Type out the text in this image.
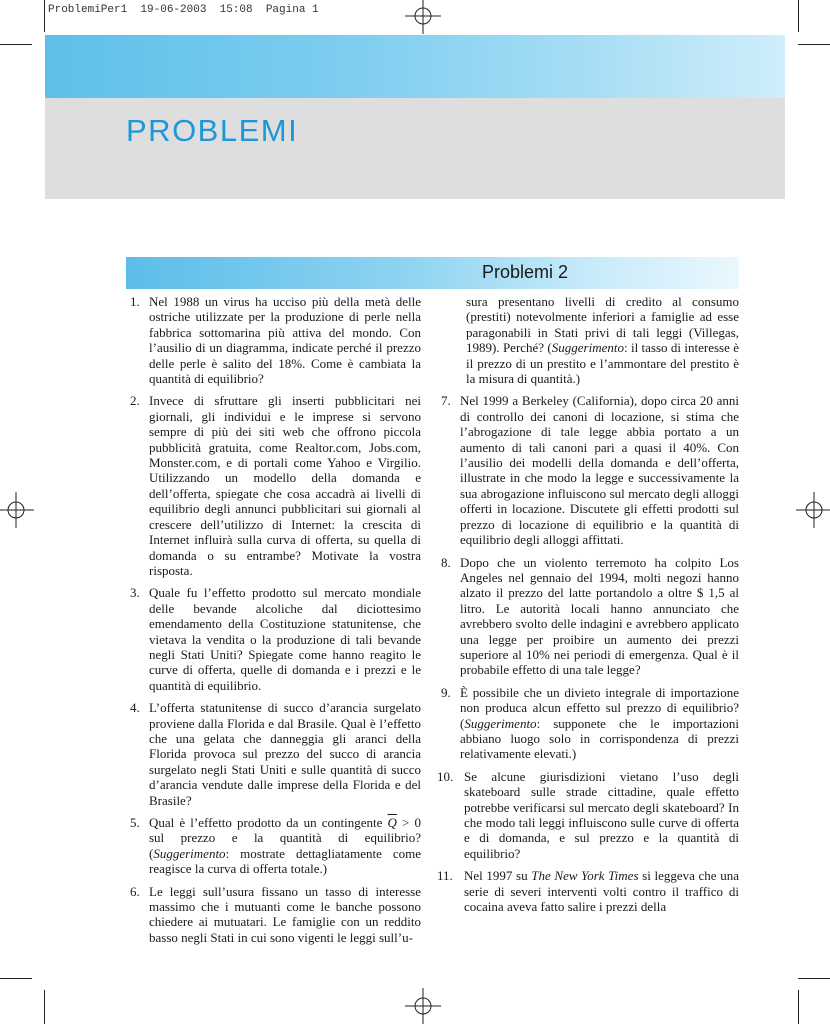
ProblemiPer1  19-06-2003  15:08  Pagina 1
PROBLEMI
Problemi 2
1. Nel 1988 un virus ha ucciso più della metà delle ostriche utilizzate per la produzione di perle nella fabbrica sottomarina più attiva del mondo. Con l’ausilio di un diagramma, indicate perché il prezzo delle perle è salito del 18%. Come è cambiata la quantità di equilibrio?
2. Invece di sfruttare gli inserti pubblicitari nei giornali, gli individui e le imprese si servono sempre di più dei siti web che offrono piccola pubblicità gratuita, come Realtor.com, Jobs.com, Monster.com, e di portali come Yahoo e Virgilio. Utilizzando un modello della domanda e dell’offerta, spiegate che cosa accadrà ai livelli di equilibrio degli annunci pubblicitari sui giornali al crescere dell’utilizzo di Internet: la crescita di Internet influirà sulla curva di offerta, su quella di domanda o su entrambe? Motivate la vostra risposta.
3. Quale fu l’effetto prodotto sul mercato mondiale delle bevande alcoliche dal diciottesimo emendamento della Costituzione statunitense, che vietava la vendita o la produzione di tali bevande negli Stati Uniti? Spiegate come hanno reagito le curve di offerta, quelle di domanda e i prezzi e le quantità di equilibrio.
4. L’offerta statunitense di succo d’arancia surgelato proviene dalla Florida e dal Brasile. Qual è l’effetto che una gelata che danneggia gli aranci della Florida provoca sul prezzo del succo di arancia surgelato negli Stati Uniti e sulle quantità di succo d’arancia vendute dalle imprese della Florida e del Brasile?
5. Qual è l’effetto prodotto da un contingente $\overline{Q} > 0$ sul prezzo e la quantità di equilibrio? (Suggerimento: mostrate dettagliatamente come reagisce la curva di offerta totale.)
6. Le leggi sull’usura fissano un tasso di interesse massimo che i mutuanti come le banche possono chiedere ai mutuatari. Le famiglie con un reddito basso negli Stati in cui sono vigenti le leggi sull’u-
sura presentano livelli di credito al consumo (prestiti) notevolmente inferiori a famiglie ad esse paragonabili in Stati privi di tali leggi (Villegas, 1989). Perché? (Suggerimento: il tasso di interesse è il prezzo di un prestito e l’ammontare del prestito è la misura di quantità.)
7. Nel 1999 a Berkeley (California), dopo circa 20 anni di controllo dei canoni di locazione, si stima che l’abrogazione di tale legge abbia portato a un aumento di tali canoni pari a quasi il 40%. Con l’ausilio dei modelli della domanda e dell’offerta, illustrate in che modo la legge e successivamente la sua abrogazione influiscono sul mercato degli alloggi offerti in locazione. Discutete gli effetti prodotti sul prezzo di locazione di equilibrio e la quantità di equilibrio degli alloggi affittati.
8. Dopo che un violento terremoto ha colpito Los Angeles nel gennaio del 1994, molti negozi hanno alzato il prezzo del latte portandolo a oltre $ 1,5 al litro. Le autorità locali hanno annunciato che avrebbero svolto delle indagini e avrebbero applicato una legge per proibire un aumento dei prezzi superiore al 10% nei periodi di emergenza. Qual è il probabile effetto di una tale legge?
9. È possibile che un divieto integrale di importazione non produca alcun effetto sul prezzo di equilibrio? (Suggerimento: supponete che le importazioni abbiano luogo solo in corrispondenza di prezzi relativamente elevati.)
10. Se alcune giurisdizioni vietano l’uso degli skateboard sulle strade cittadine, quale effetto potrebbe verificarsi sul mercato degli skateboard? In che modo tali leggi influiscono sulle curve di offerta e di domanda, e sul prezzo e la quantità di equilibrio?
11. Nel 1997 su The New York Times si leggeva che una serie di severi interventi volti contro il traffico di cocaina aveva fatto salire i prezzi della
